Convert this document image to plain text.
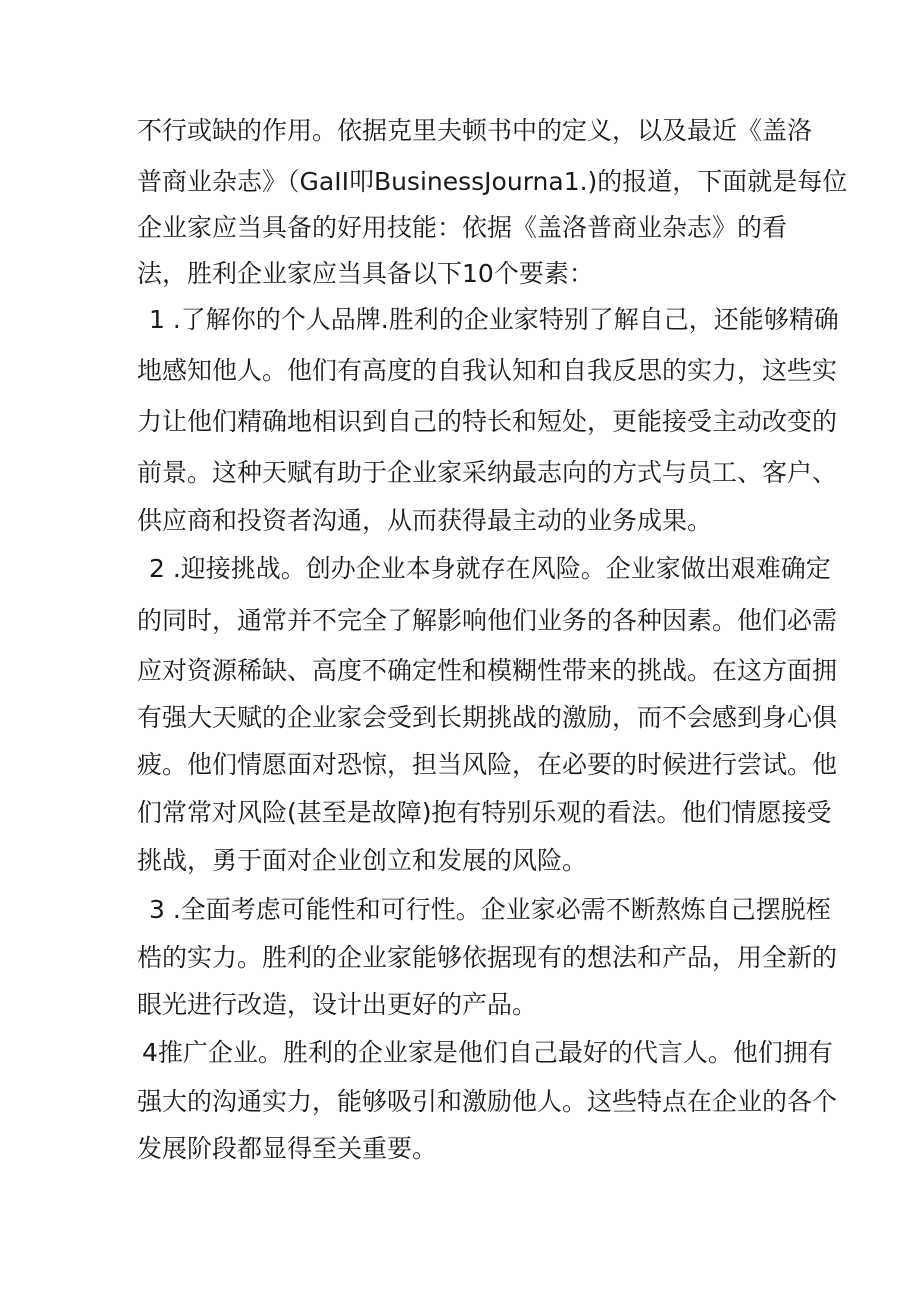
不行或缺的作用。依据克里夫顿书中的定义，以及最近《盖洛
普商业杂志》（GaII叩BusinessJourna1.)的报道，下面就是每位
企业家应当具备的好用技能：依据《盖洛普商业杂志》的看
法，胜利企业家应当具备以下10个要素：
1 .了解你的个人品牌.胜利的企业家特别了解自己，还能够精确
地感知他人。他们有高度的自我认知和自我反思的实力，这些实
力让他们精确地相识到自己的特长和短处，更能接受主动改变的
前景。这种天赋有助于企业家采纳最志向的方式与员工、客户、
供应商和投资者沟通，从而获得最主动的业务成果。
2 .迎接挑战。创办企业本身就存在风险。企业家做出艰难确定
的同时，通常并不完全了解影响他们业务的各种因素。他们必需
应对资源稀缺、高度不确定性和模糊性带来的挑战。在这方面拥
有强大天赋的企业家会受到长期挑战的激励，而不会感到身心俱
疲。他们情愿面对恐惊，担当风险，在必要的时候进行尝试。他
们常常对风险(甚至是故障)抱有特别乐观的看法。他们情愿接受
挑战，勇于面对企业创立和发展的风险。
3 .全面考虑可能性和可行性。企业家必需不断熬炼自己摆脱桎
梏的实力。胜利的企业家能够依据现有的想法和产品，用全新的
眼光进行改造，设计出更好的产品。
4推广企业。胜利的企业家是他们自己最好的代言人。他们拥有
强大的沟通实力，能够吸引和激励他人。这些特点在企业的各个
发展阶段都显得至关重要。
